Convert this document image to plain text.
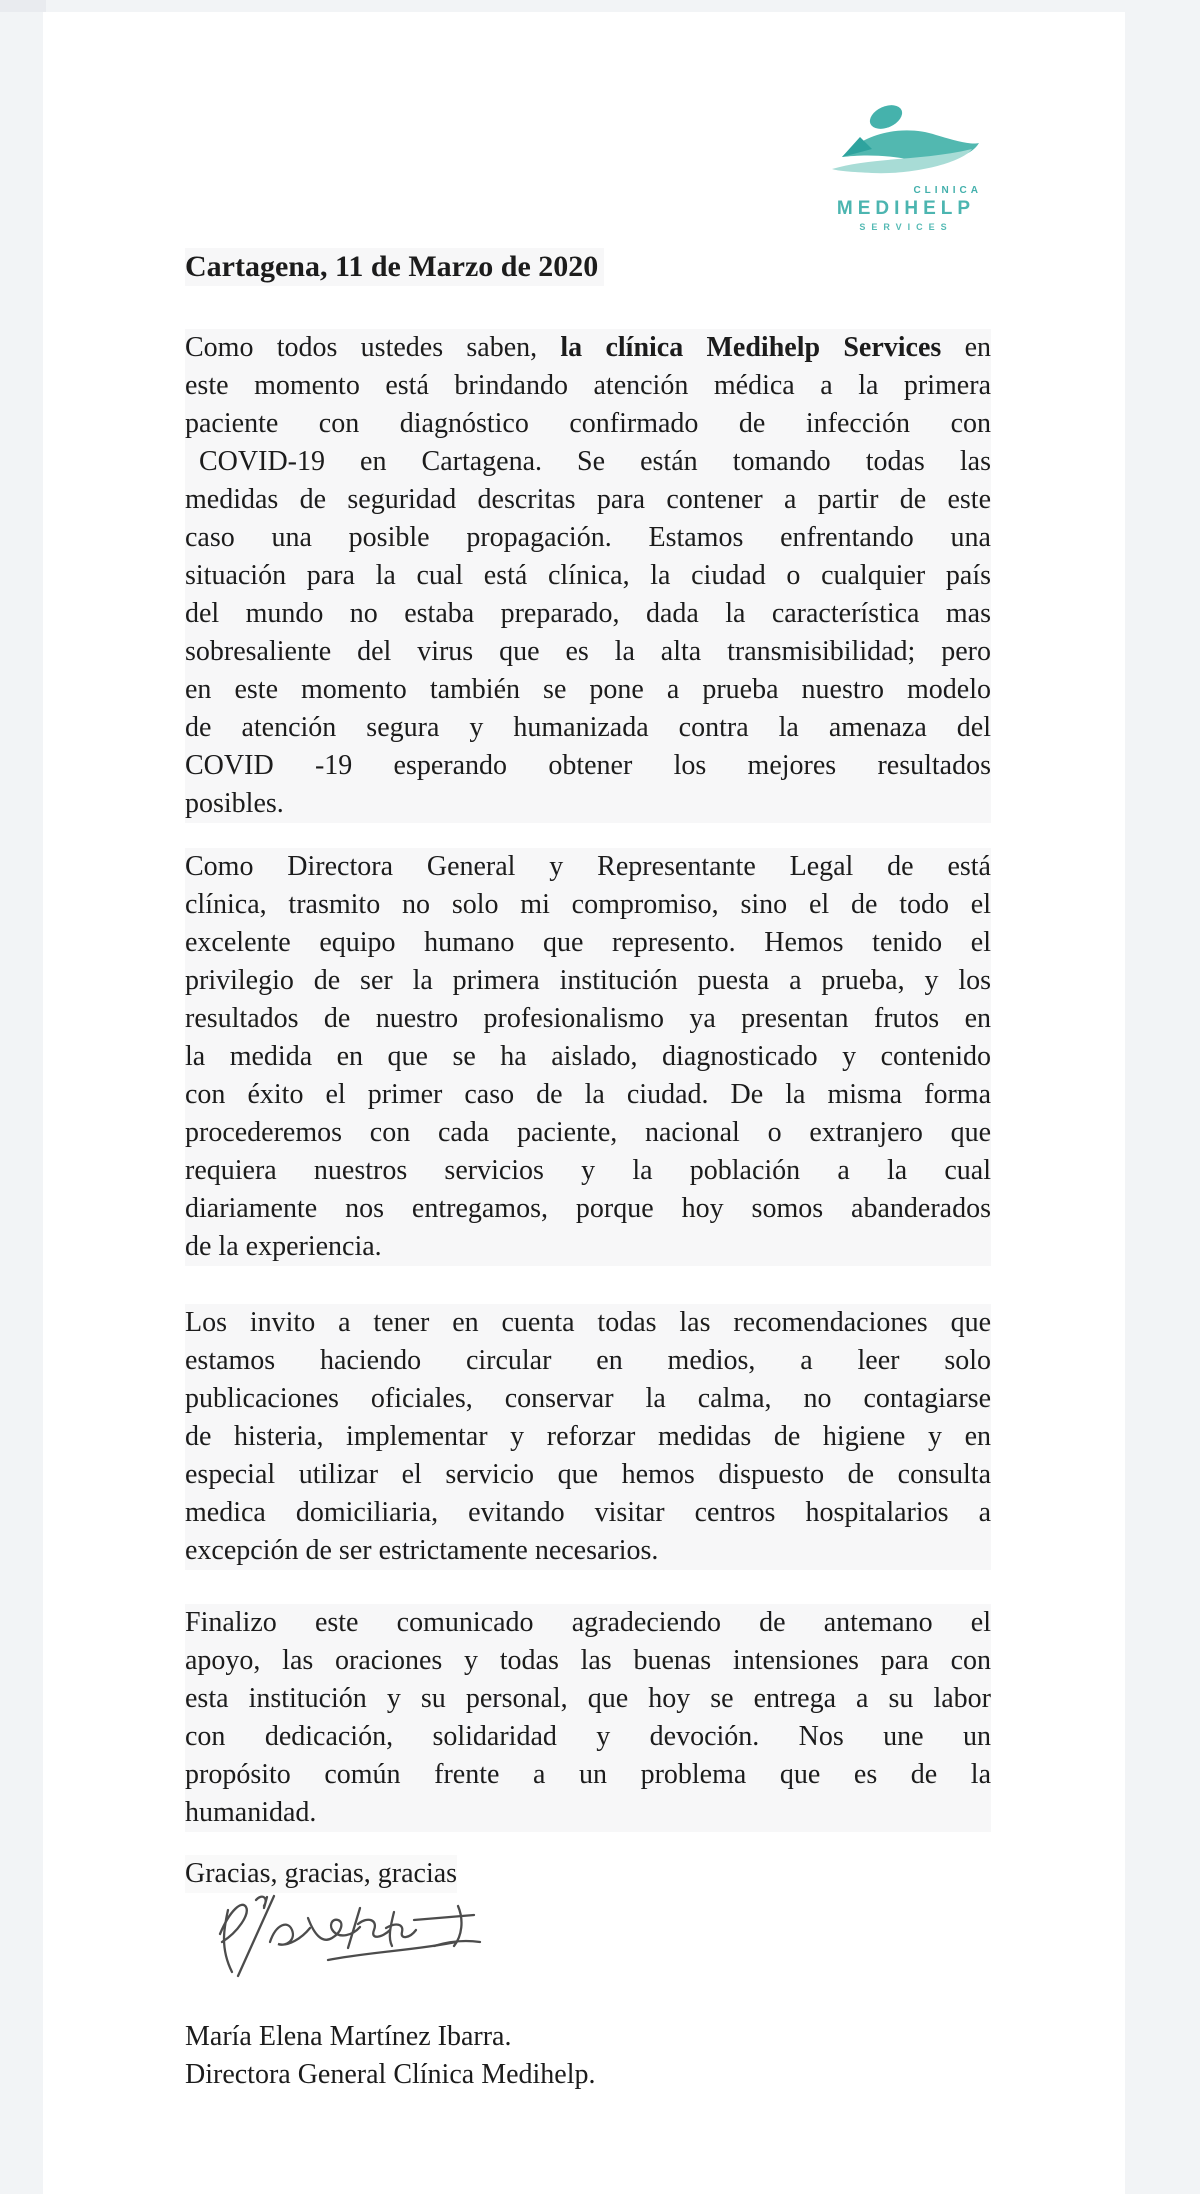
CLINICA
MEDIHELP
SERVICES
Cartagena, 11 de Marzo de 2020
Como todos ustedes saben, la clínica Medihelp Services en
este momento está brindando atención médica a la primera
paciente con diagnóstico confirmado de infección con
COVID-19 en Cartagena. Se están tomando todas las
medidas de seguridad descritas para contener a partir de este
caso una posible propagación. Estamos enfrentando una
situación para la cual está clínica, la ciudad o cualquier país
del mundo no estaba preparado, dada la característica mas
sobresaliente del virus que es la alta transmisibilidad; pero
en este momento también se pone a prueba nuestro modelo
de atención segura y humanizada contra la amenaza del
COVID -19 esperando obtener los mejores resultados
posibles.
Como Directora General y Representante Legal de está
clínica, trasmito no solo mi compromiso, sino el de todo el
excelente equipo humano que represento. Hemos tenido el
privilegio de ser la primera institución puesta a prueba, y los
resultados de nuestro profesionalismo ya presentan frutos en
la medida en que se ha aislado, diagnosticado y contenido
con éxito el primer caso de la ciudad. De la misma forma
procederemos con cada paciente, nacional o extranjero que
requiera nuestros servicios y la población a la cual
diariamente nos entregamos, porque hoy somos abanderados
de la experiencia.
Los invito a tener en cuenta todas las recomendaciones que
estamos haciendo circular en medios, a leer solo
publicaciones oficiales, conservar la calma, no contagiarse
de histeria, implementar y reforzar medidas de higiene y en
especial utilizar el servicio que hemos dispuesto de consulta
medica domiciliaria, evitando visitar centros hospitalarios a
excepción de ser estrictamente necesarios.
Finalizo este comunicado agradeciendo de antemano el
apoyo, las oraciones y todas las buenas intensiones para con
esta institución y su personal, que hoy se entrega a su labor
con dedicación, solidaridad y devoción. Nos une un
propósito común frente a un problema que es de la
humanidad.
Gracias, gracias, gracias
María Elena Martínez Ibarra.
Directora General Clínica Medihelp.
